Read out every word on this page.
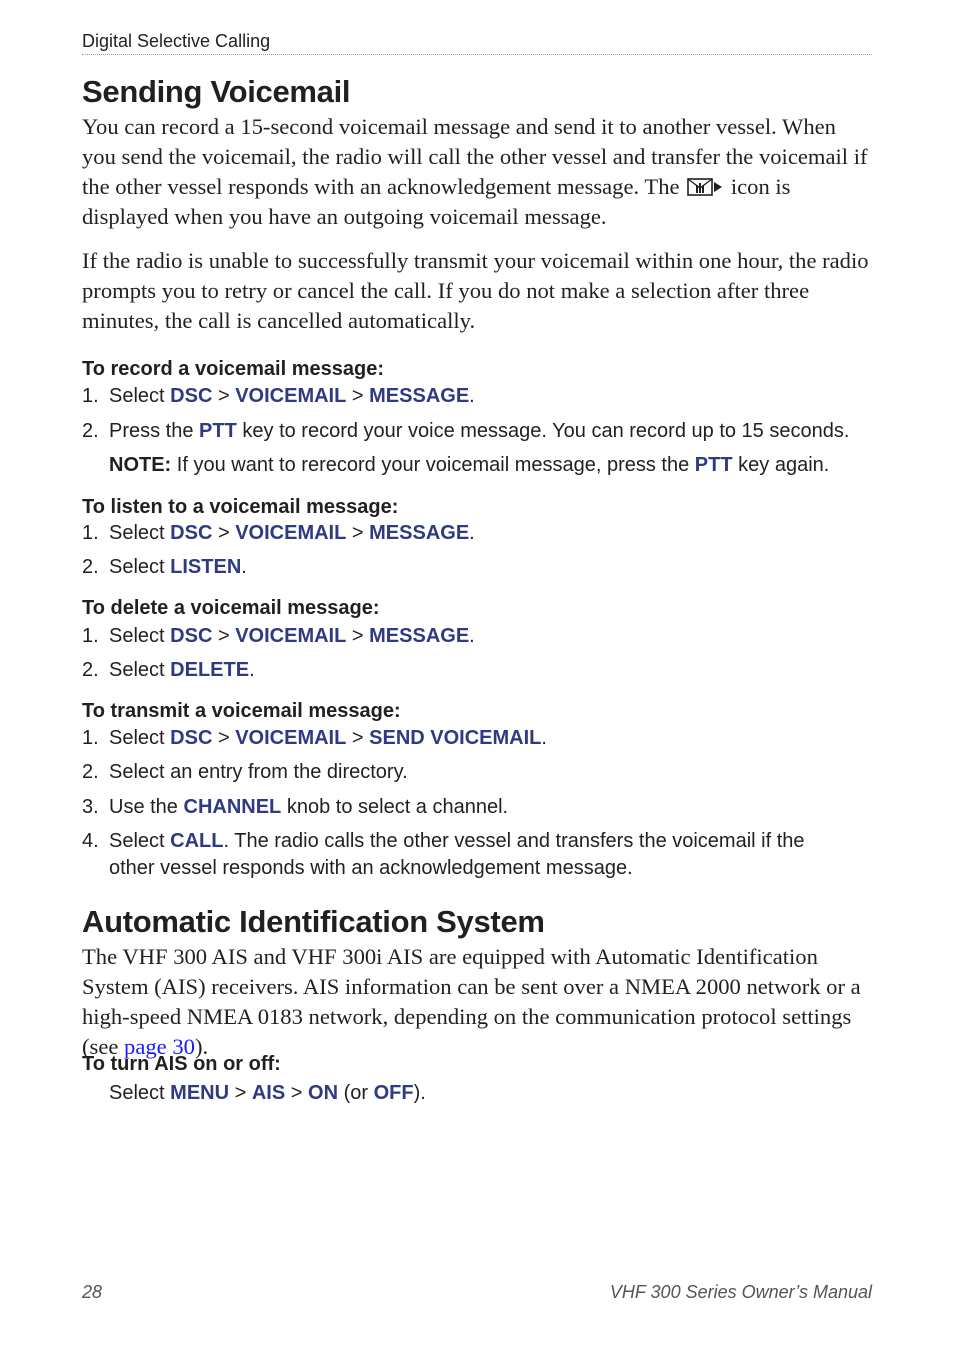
Digital Selective Calling
Sending Voicemail

You can record a 15-second voicemail message and send it to another vessel. When you send the voicemail, the radio will call the other vessel and transfer the voicemail if the other vessel responds with an acknowledgement message. The icon is displayed when you have an outgoing voicemail message.

If the radio is unable to successfully transmit your voicemail within one hour, the radio prompts you to retry or cancel the call. If you do not make a selection after three minutes, the call is cancelled automatically.

To record a voicemail message:
1. Select DSC > VOICEMAIL > MESSAGE.
2. Press the PTT key to record your voice message. You can record up to 15 seconds.
NOTE: If you want to rerecord your voicemail message, press the PTT key again.
To listen to a voicemail message:
1. Select DSC > VOICEMAIL > MESSAGE.
2. Select LISTEN.
To delete a voicemail message:
1. Select DSC > VOICEMAIL > MESSAGE.
2. Select DELETE.
To transmit a voicemail message:
1. Select DSC > VOICEMAIL > SEND VOICEMAIL.
2. Select an entry from the directory.
3. Use the CHANNEL knob to select a channel.
4. Select CALL. The radio calls the other vessel and transfers the voicemail if the other vessel responds with an acknowledgement message.
Automatic Identification System

The VHF 300 AIS and VHF 300i AIS are equipped with Automatic Identification System (AIS) receivers. AIS information can be sent over a NMEA 2000 network or a high-speed NMEA 0183 network, depending on the communication protocol settings (see page 30).

To turn AIS on or off:
Select MENU > AIS > ON (or OFF).
28	VHF 300 Series Owner’s Manual
